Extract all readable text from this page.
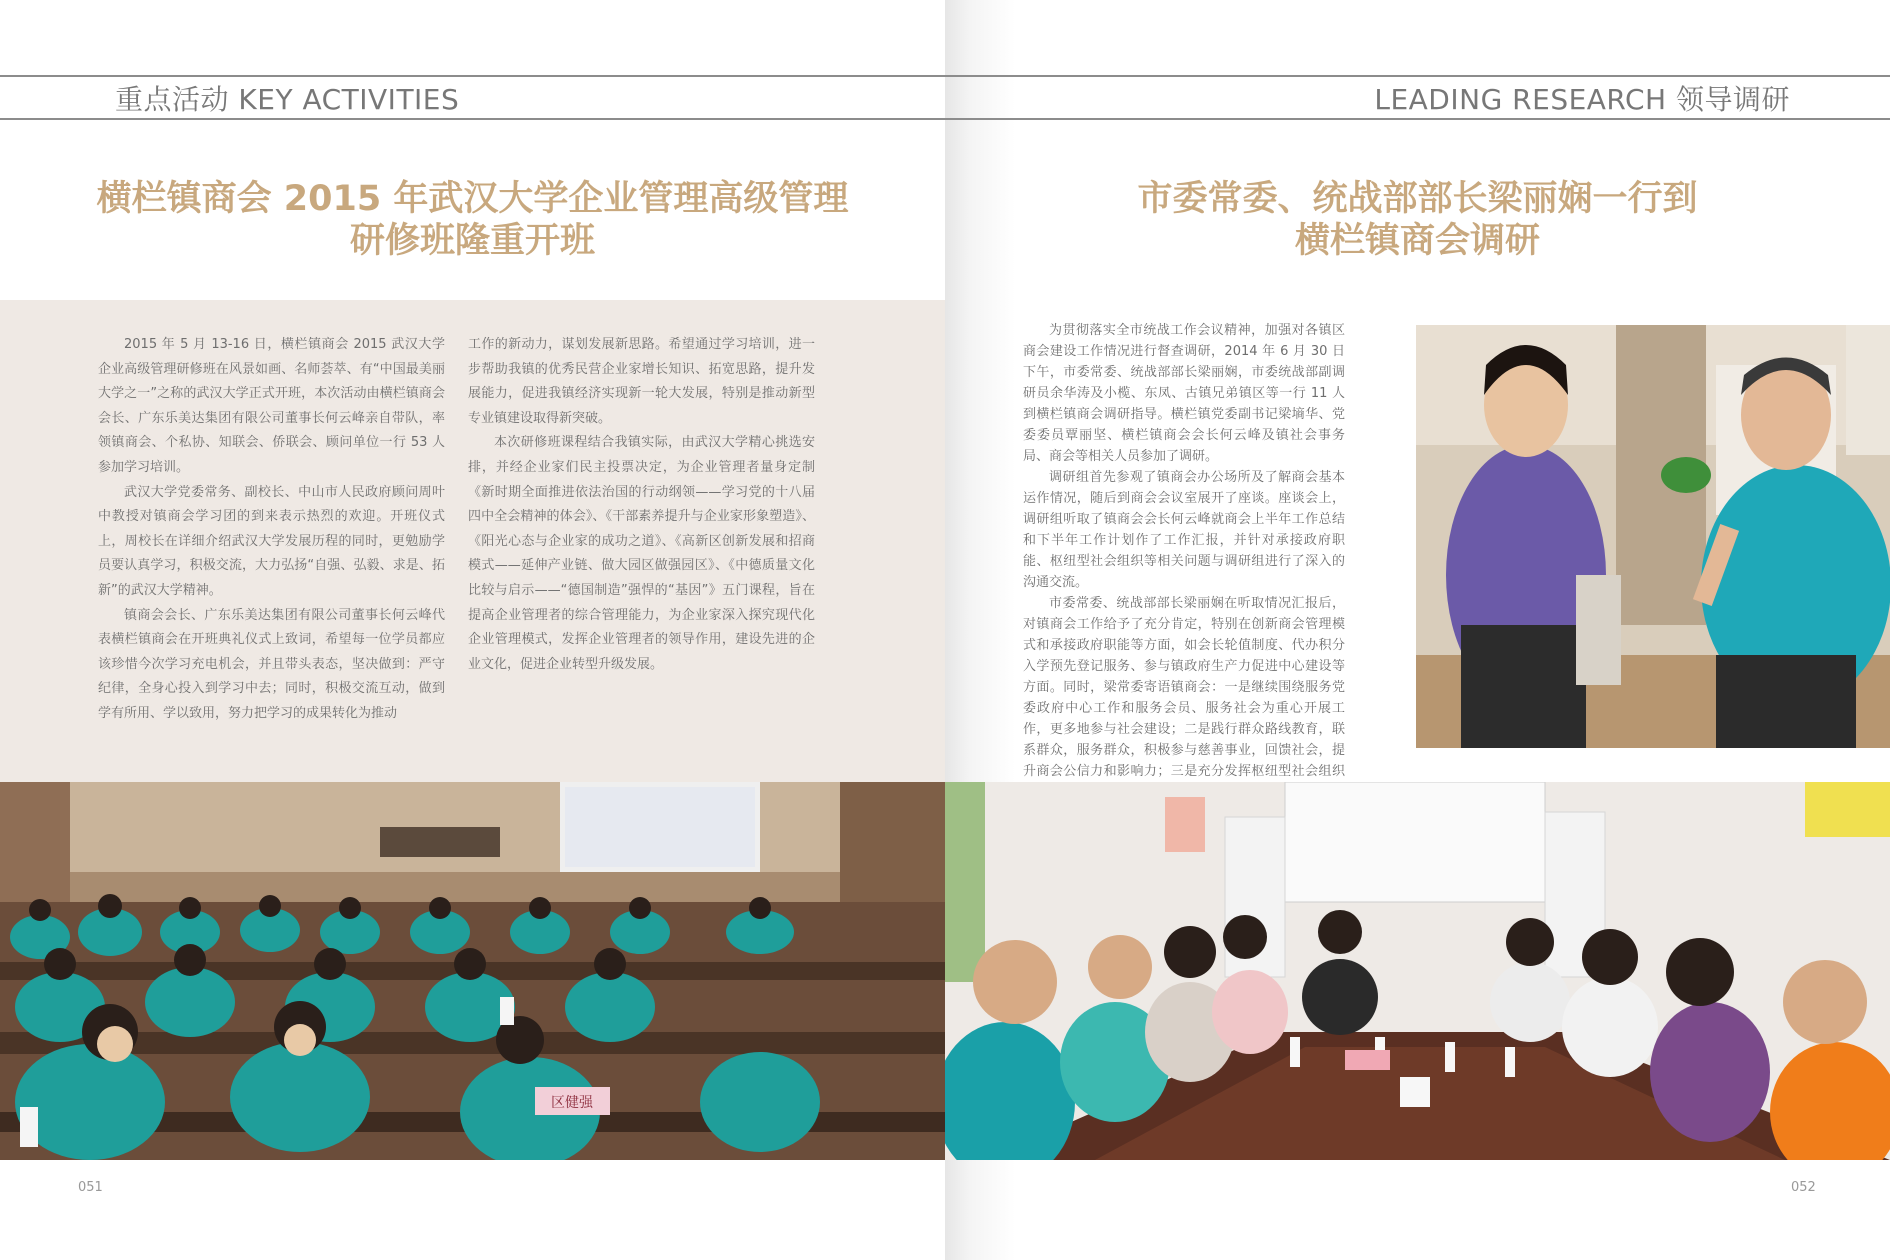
重点活动 KEY ACTIVITIES
横栏镇商会 2015 年武汉大学企业管理高级管理
研修班隆重开班

2015 年 5 月 13-16 日，横栏镇商会 2015 武汉大学企业高级管理研修班在风景如画、名师荟萃、有“中国最美丽大学之一”之称的武汉大学正式开班，本次活动由横栏镇商会会长、广东乐美达集团有限公司董事长何云峰亲自带队，率领镇商会、个私协、知联会、侨联会、顾问单位一行 53 人参加学习培训。

武汉大学党委常务、副校长、中山市人民政府顾问周叶中教授对镇商会学习团的到来表示热烈的欢迎。开班仪式上，周校长在详细介绍武汉大学发展历程的同时，更勉励学员要认真学习，积极交流，大力弘扬“自强、弘毅、求是、拓新”的武汉大学精神。

镇商会会长、广东乐美达集团有限公司董事长何云峰代表横栏镇商会在开班典礼仪式上致词，希望每一位学员都应该珍惜今次学习充电机会，并且带头表态，坚决做到：严守纪律，全身心投入到学习中去；同时，积极交流互动，做到学有所用、学以致用，努力把学习的成果转化为推动

工作的新动力，谋划发展新思路。希望通过学习培训，进一步帮助我镇的优秀民营企业家增长知识、拓宽思路，提升发展能力，促进我镇经济实现新一轮大发展，特别是推动新型专业镇建设取得新突破。

本次研修班课程结合我镇实际，由武汉大学精心挑选安排，并经企业家们民主投票决定，为企业管理者量身定制《新时期全面推进依法治国的行动纲领——学习党的十八届四中全会精神的体会》、《干部素养提升与企业家形象塑造》、《阳光心态与企业家的成功之道》、《高新区创新发展和招商模式——延伸产业链、做大园区做强园区》、《中德质量文化比较与启示——“德国制造”强悍的“基因”》五门课程，旨在提高企业管理者的综合管理能力，为企业家深入探究现代化企业管理模式，发挥企业管理者的领导作用，建设先进的企业文化，促进企业转型升级发展。

区健强
051
LEADING RESEARCH 领导调研
市委常委、统战部部长梁丽娴一行到
横栏镇商会调研

为贯彻落实全市统战工作会议精神，加强对各镇区商会建设工作情况进行督查调研，2014 年 6 月 30 日下午，市委常委、统战部部长梁丽娴，市委统战部副调研员余华涛及小榄、东凤、古镇兄弟镇区等一行 11 人到横栏镇商会调研指导。横栏镇党委副书记梁墒华、党委委员覃丽坚、横栏镇商会会长何云峰及镇社会事务局、商会等相关人员参加了调研。

调研组首先参观了镇商会办公场所及了解商会基本运作情况，随后到商会会议室展开了座谈。座谈会上，调研组听取了镇商会会长何云峰就商会上半年工作总结和下半年工作计划作了工作汇报，并针对承接政府职能、枢纽型社会组织等相关问题与调研组进行了深入的沟通交流。

市委常委、统战部部长梁丽娴在听取情况汇报后，对镇商会工作给予了充分肯定，特别在创新商会管理模式和承接政府职能等方面，如会长轮值制度、代办积分入学预先登记服务、参与镇政府生产力促进中心建设等方面。同时，梁常委寄语镇商会：一是继续围绕服务党委政府中心工作和服务会员、服务社会为重心开展工作，更多地参与社会建设；二是践行群众路线教育，联系群众，服务群众，积极参与慈善事业，回馈社会，提升商会公信力和影响力；三是充分发挥枢纽型社会组织

052
